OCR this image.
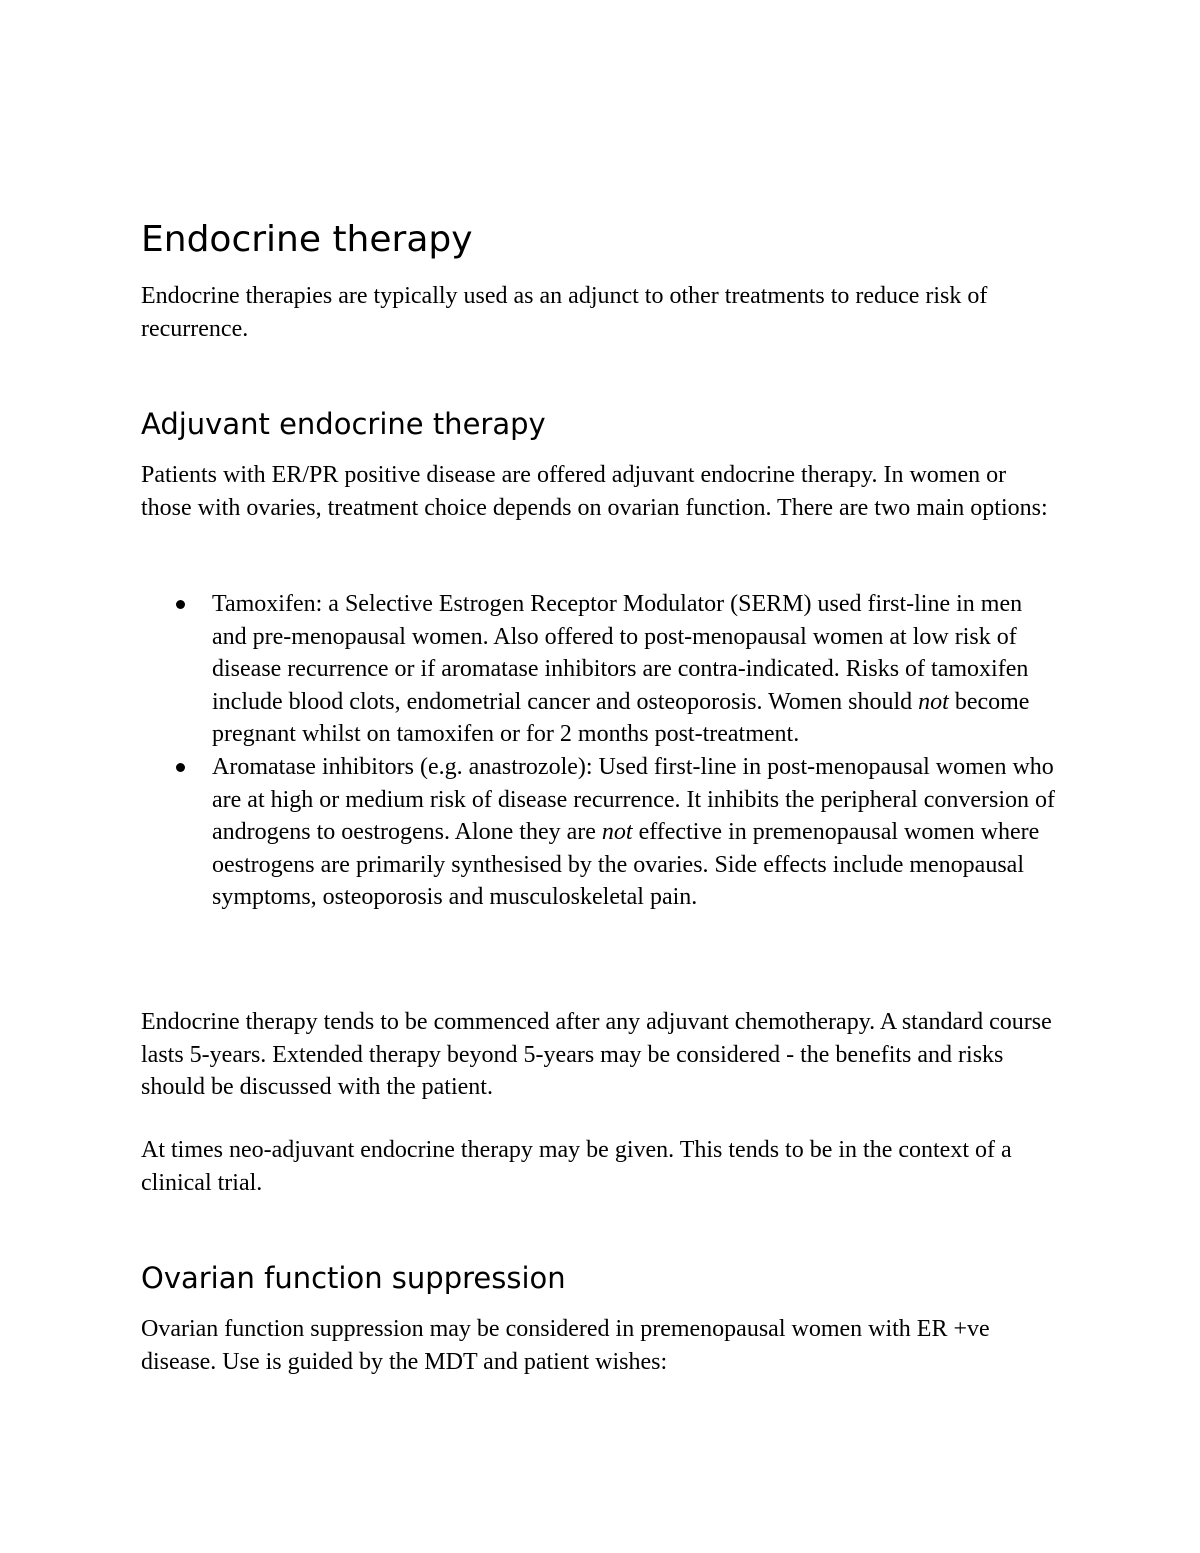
Endocrine therapy

Endocrine therapies are typically used as an adjunct to other treatments to reduce risk of recurrence.

Adjuvant endocrine therapy

Patients with ER/PR positive disease are offered adjuvant endocrine therapy. In women or those with ovaries, treatment choice depends on ovarian function. There are two main options:

Tamoxifen: a Selective Estrogen Receptor Modulator (SERM) used first-line in men and pre-menopausal women. Also offered to post-menopausal women at low risk of disease recurrence or if aromatase inhibitors are contra-indicated. Risks of tamoxifen include blood clots, endometrial cancer and osteoporosis. Women should not become pregnant whilst on tamoxifen or for 2 months post-treatment.
Aromatase inhibitors (e.g. anastrozole): Used first-line in post-menopausal women who are at high or medium risk of disease recurrence. It inhibits the peripheral conversion of androgens to oestrogens. Alone they are not effective in premenopausal women where oestrogens are primarily synthesised by the ovaries. Side effects include menopausal symptoms, osteoporosis and musculoskeletal pain.

Endocrine therapy tends to be commenced after any adjuvant chemotherapy. A standard course lasts 5-years. Extended therapy beyond 5-years may be considered - the benefits and risks should be discussed with the patient.

At times neo-adjuvant endocrine therapy may be given. This tends to be in the context of a clinical trial.

Ovarian function suppression

Ovarian function suppression may be considered in premenopausal women with ER +ve disease. Use is guided by the MDT and patient wishes:
